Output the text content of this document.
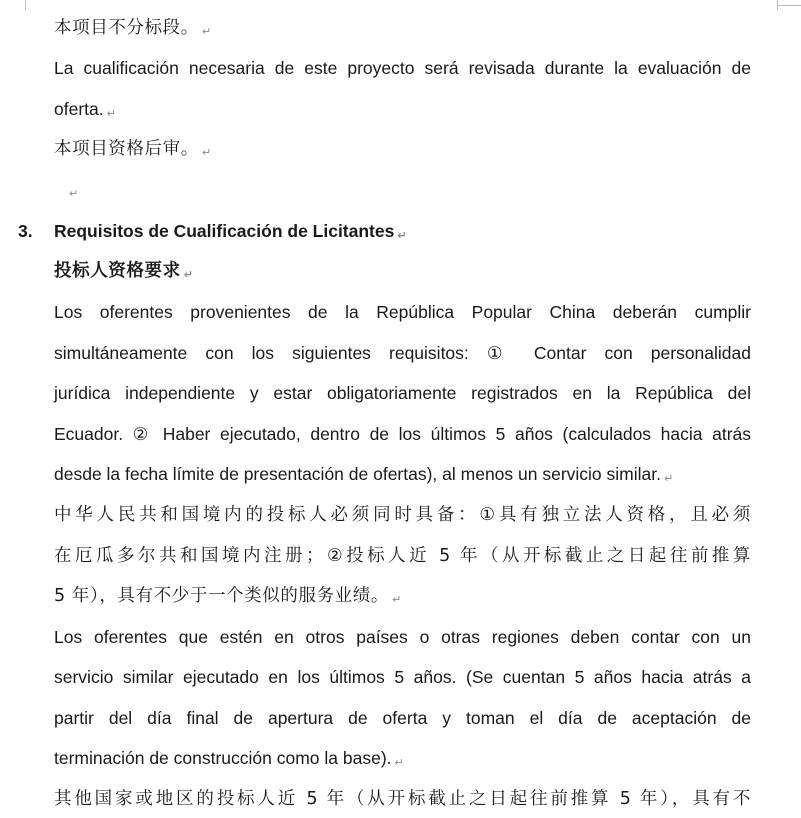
本项目不分标段。 ↵
La cualificación necesaria de este proyecto será revisada durante la evaluación de
oferta. ↵
本项目资格后审。 ↵
↵
3. Requisitos de Cualificación de Licitantes ↵
投标人资格要求 ↵
Los oferentes provenientes de la República Popular China deberán cumplir
simultáneamente con los siguientes requisitos: ① Contar con personalidad
jurídica independiente y estar obligatoriamente registrados en la República del
Ecuador. ② Haber ejecutado, dentro de los últimos 5 años (calculados hacia atrás
desde la fecha límite de presentación de ofertas), al menos un servicio similar. ↵
中华人民共和国境内的投标人必须同时具备：①具有独立法人资格，且必须
在厄瓜多尔共和国境内注册；②投标人近 5 年（从开标截止之日起往前推算
5 年），具有不少于一个类似的服务业绩。 ↵
Los oferentes que estén en otros países o otras regiones deben contar con un
servicio similar ejecutado en los últimos 5 años. (Se cuentan 5 años hacia atrás a
partir del día final de apertura de oferta y toman el día de aceptación de
terminación de construcción como la base). ↵
其他国家或地区的投标人近 5 年（从开标截止之日起往前推算 5 年），具有不
